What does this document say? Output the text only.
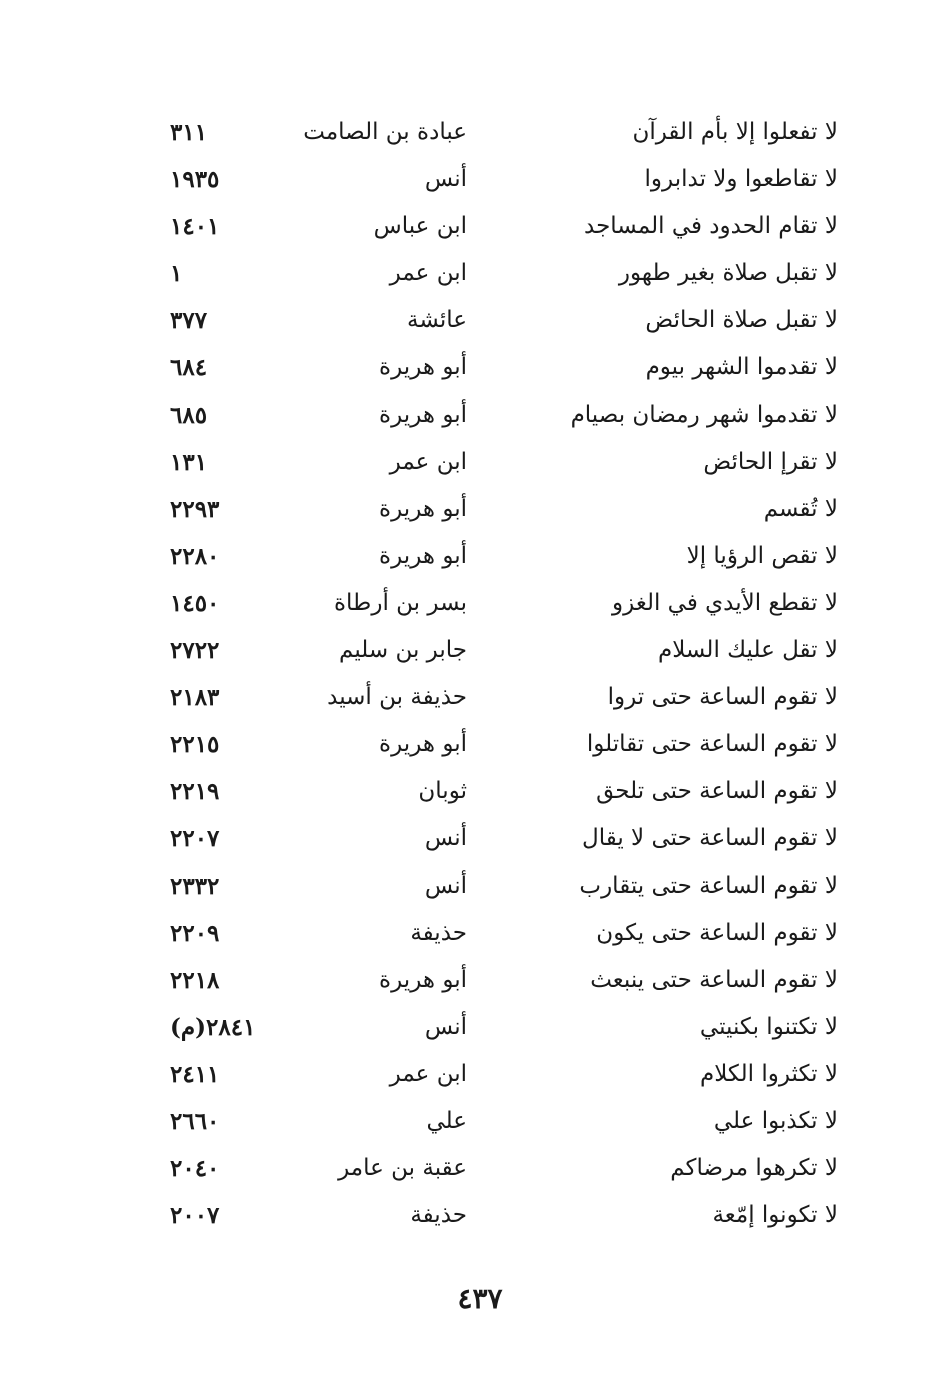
لا تفعلوا إلا بأم القرآن
عبادة بن الصامت
٣١١
لا تقاطعوا ولا تدابروا
أنس
١٩٣٥
لا تقام الحدود في المساجد
ابن عباس
١٤٠١
لا تقبل صلاة بغير طهور
ابن عمر
١
لا تقبل صلاة الحائض
عائشة
٣٧٧
لا تقدموا الشهر بيوم
أبو هريرة
٦٨٤
لا تقدموا شهر رمضان بصيام
أبو هريرة
٦٨٥
لا تقرإ الحائض
ابن عمر
١٣١
لا تُقسم
أبو هريرة
٢٢٩٣
لا تقص الرؤيا إلا
أبو هريرة
٢٢٨٠
لا تقطع الأيدي في الغزو
بسر بن أرطاة
١٤٥٠
لا تقل عليك السلام
جابر بن سليم
٢٧٢٢
لا تقوم الساعة حتى تروا
حذيفة بن أسيد
٢١٨٣
لا تقوم الساعة حتى تقاتلوا
أبو هريرة
٢٢١٥
لا تقوم الساعة حتى تلحق
ثوبان
٢٢١٩
لا تقوم الساعة حتى لا يقال
أنس
٢٢٠٧
لا تقوم الساعة حتى يتقارب
أنس
٢٣٣٢
لا تقوم الساعة حتى يكون
حذيفة
٢٢٠٩
لا تقوم الساعة حتى ينبعث
أبو هريرة
٢٢١٨
لا تكتنوا بكنيتي
أنس
٢٨٤١(م)
لا تكثروا الكلام
ابن عمر
٢٤١١
لا تكذبوا علي
علي
٢٦٦٠
لا تكرهوا مرضاكم
عقبة بن عامر
٢٠٤٠
لا تكونوا إمّعة
حذيفة
٢٠٠٧
٤٣٧
